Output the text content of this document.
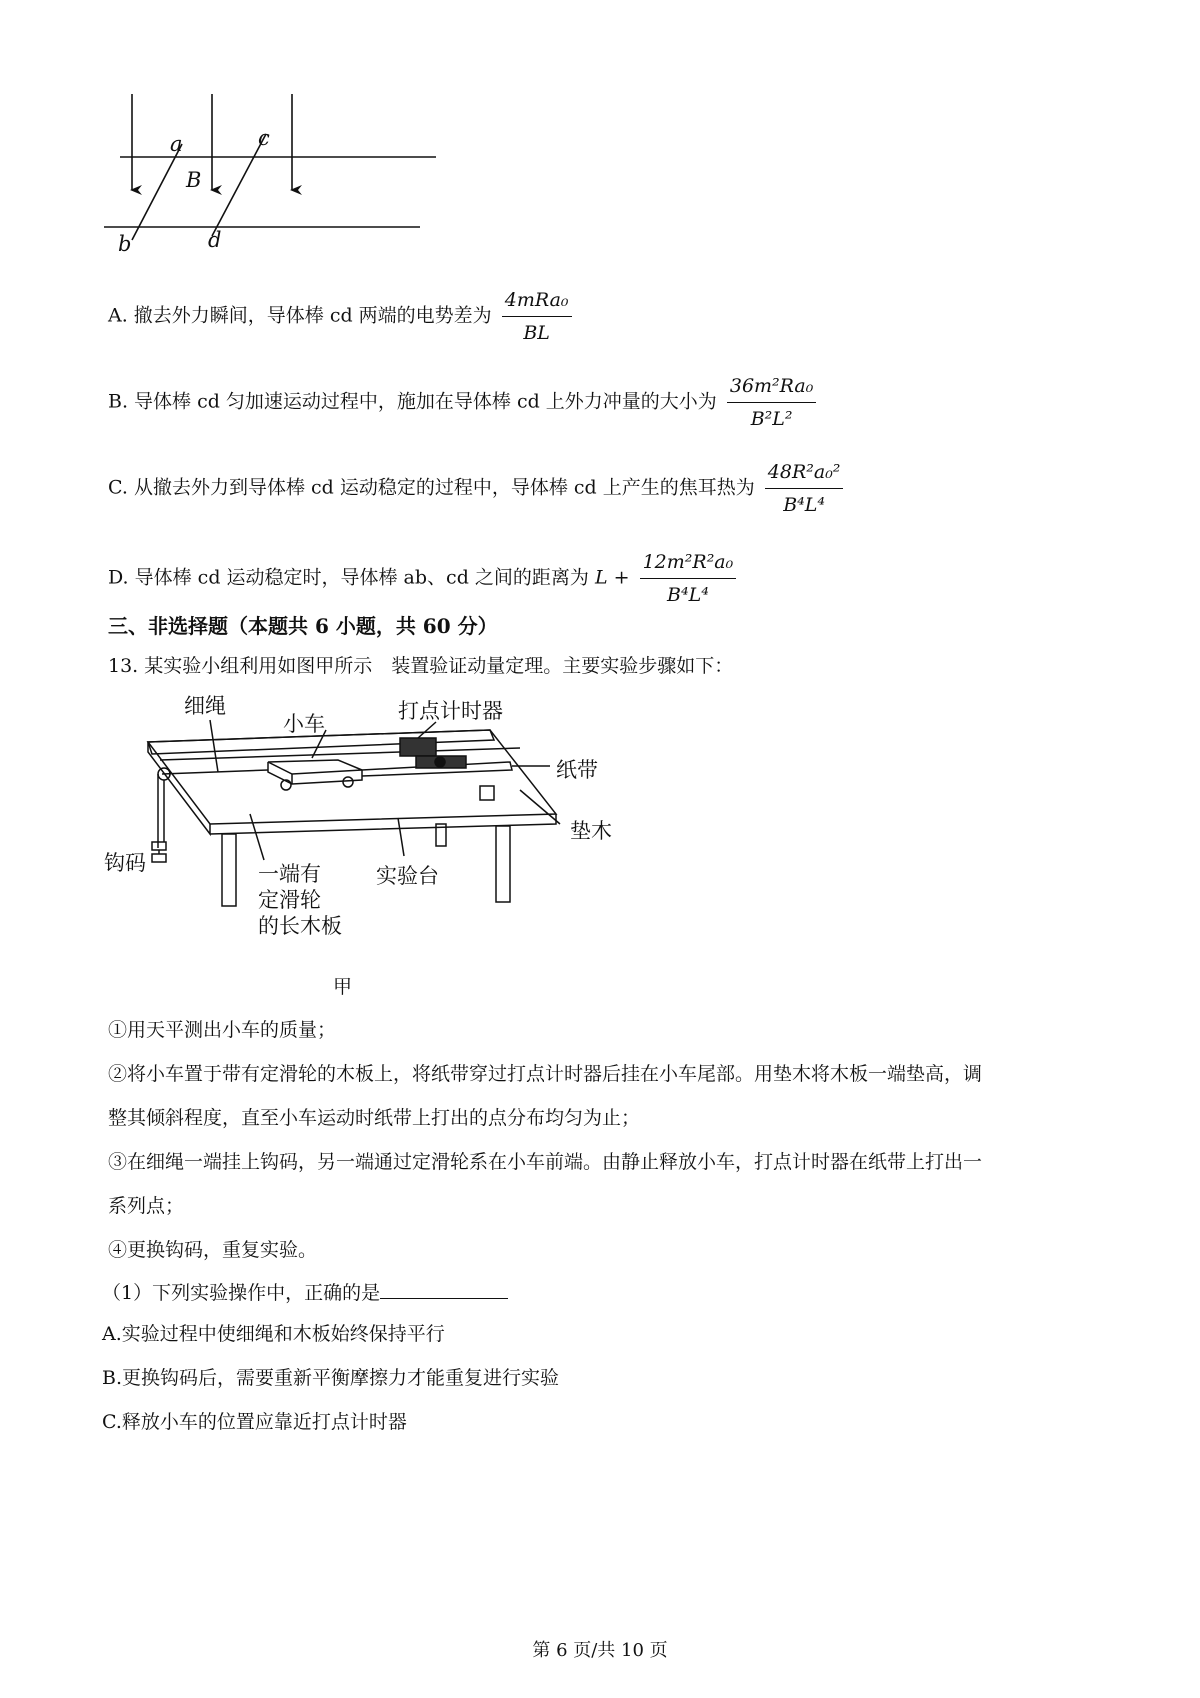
a	c
B
b	d
A. 撤去外力瞬间，导体棒 cd 两端的电势差为 $\frac{\text{4mRa₀}}{BL}$
B. 导体棒 cd 匀加速运动过程中，施加在导体棒 cd 上外力冲量的大小为 $\frac{\text{36m²Ra₀}}{\text{B²L²}}$
C. 从撤去外力到导体棒 cd 运动稳定的过程中，导体棒 cd 上产生的焦耳热为 $\frac{\text{48R²a₀²}}{\text{B⁴L⁴}}$
D. 导体棒 cd 运动稳定时，导体棒 ab、cd 之间的距离为 $L + \frac{\text{12m²R²a₀}}{\text{B⁴L⁴}}$
三、非选择题（本题共 6 小题，共 60 分）
13. 某实验小组利用如图甲所示　装置验证动量定理。主要实验步骤如下：
细绳
小车
打点计时器
纸带
垫木
钩码	一端有
定滑轮
的长木板
实验台
甲
①用天平测出小车的质量；
②将小车置于带有定滑轮的木板上，将纸带穿过打点计时器后挂在小车尾部。用垫木将木板一端垫高，调
整其倾斜程度，直至小车运动时纸带上打出的点分布均匀为止；
③在细绳一端挂上钩码，另一端通过定滑轮系在小车前端。由静止释放小车，打点计时器在纸带上打出一
系列点；
④更换钩码，重复实验。
（1）下列实验操作中，正确的是
A.实验过程中使细绳和木板始终保持平行
B.更换钩码后，需要重新平衡摩擦力才能重复进行实验
C.释放小车的位置应靠近打点计时器
第 6 页/共 10 页
